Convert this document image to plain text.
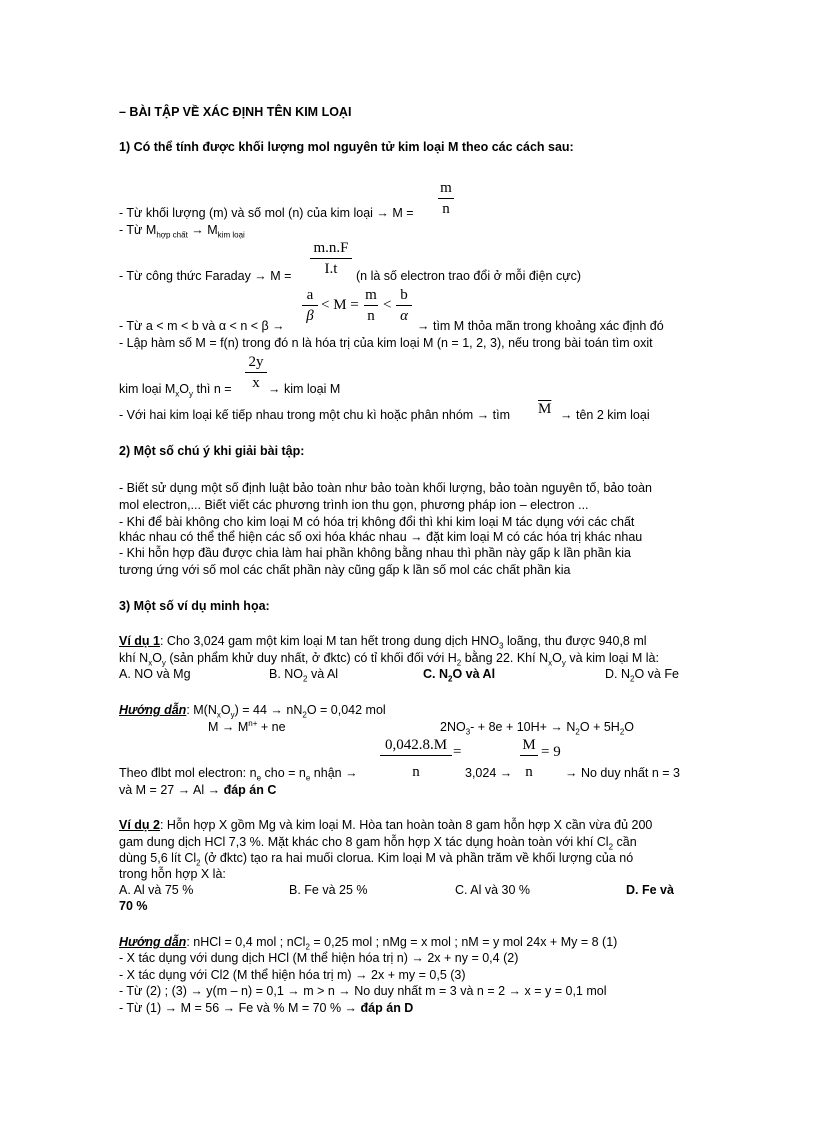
– BÀI TẬP VỀ XÁC ĐỊNH TÊN KIM LOẠI
1) Có thể tính được khối lượng mol nguyên tử kim loại M theo các cách sau:
$\frac{m}{n}$
- Từ khối lượng (m) và số mol (n) của kim loại → M =
- Từ $M_{hợp chất} \to M_{kim loại}$
$\frac{m.n.F}{I.t}$
- Từ công thức Faraday → M =	(n là số electron trao đổi ở mỗi điện cực)
$\frac{a}{\beta} < M = \frac{m}{n} < \frac{b}{\alpha}$
- Từ a < m < b và α < n < β →	→ tìm M thỏa mãn trong khoảng xác định đó
- Lập hàm số M = f(n) trong đó n là hóa trị của kim loại M (n = 1, 2, 3), nếu trong bài toán tìm oxit
$\frac{2y}{x}$
kim loại $M_xO_y$ thì n =	→ kim loại M
- Với hai kim loại kế tiếp nhau trong một chu kì hoặc phân nhóm → tìm $\overline{M}$ → tên 2 kim loại
2) Một số chú ý khi giải bài tập:
- Biết sử dụng một số định luật bảo toàn như bảo toàn khối lượng, bảo toàn nguyên tố, bảo toàn
mol electron,... Biết viết các phương trình ion thu gọn, phương pháp ion – electron ...
- Khi để bài không cho kim loại M có hóa trị không đổi thì khi kim loại M tác dụng với các chất
khác nhau có thể thể hiện các số oxi hóa khác nhau → đặt kim loại M có các hóa trị khác nhau
- Khi hỗn hợp đầu được chia làm hai phần không bằng nhau thì phần này gấp k lần phần kia
tương ứng với số mol các chất phần này cũng gấp k lần số mol các chất phần kia
3) Một số ví dụ minh họa:
Ví dụ 1: Cho 3,024 gam một kim loại M tan hết trong dung dịch $HNO_3$ loãng, thu được 940,8 ml
khí $N_xO_y$ (sản phẩm khử duy nhất, ở đktc) có tỉ khối đối với $H_2$ bằng 22. Khí $N_xO_y$ và kim loại M là:
A. NO và Mg	B. $NO_2$ và Al	C. $N_2O$ và Al	D. $N_2O$ và Fe
Hướng dẫn: $M(N_xO_y) = 44 \to nN_2O = 0,042$ mol
$M \to M^{n+}$ + ne	$2NO_3- + 8e + 10H+ \to N_2O + 5H_2O$
$\frac{0,042.8.M}{n}$ =	$\frac{M}{n} = 9$
Theo đlbt mol electron: $n_e$ cho = $n_e$ nhận →	3,024 →	→ No duy nhất n = 3
và M = 27 → Al → đáp án C
Ví dụ 2: Hỗn hợp X gồm Mg và kim loại M. Hòa tan hoàn toàn 8 gam hỗn hợp X cần vừa đủ 200
gam dung dịch HCl 7,3 %. Mặt khác cho 8 gam hỗn hợp X tác dụng hoàn toàn với khí $Cl_2$ cần
dùng 5,6 lít $Cl_2$ (ở đktc) tạo ra hai muối clorua. Kim loại M và phần trăm về khối lượng của nó
trong hỗn hợp X là:
A. Al và 75 %	B. Fe và 25 %	C. Al và 30 %	D. Fe và
70 %
Hướng dẫn: nHCl = 0,4 mol ; nCl$_2$ = 0,25 mol ; nMg = x mol ; nM = y mol 24x + My = 8 (1)
- X tác dụng với dung dịch HCl (M thể hiện hóa trị n) → 2x + ny = 0,4 (2)
- X tác dụng với Cl2 (M thể hiện hóa trị m) → 2x + my = 0,5 (3)
- Từ (2) ; (3) → y(m – n) = 0,1 → m > n → No duy nhất m = 3 và n = 2 → x = y = 0,1 mol
- Từ (1) → M = 56 → Fe và % M = 70 % → đáp án D
